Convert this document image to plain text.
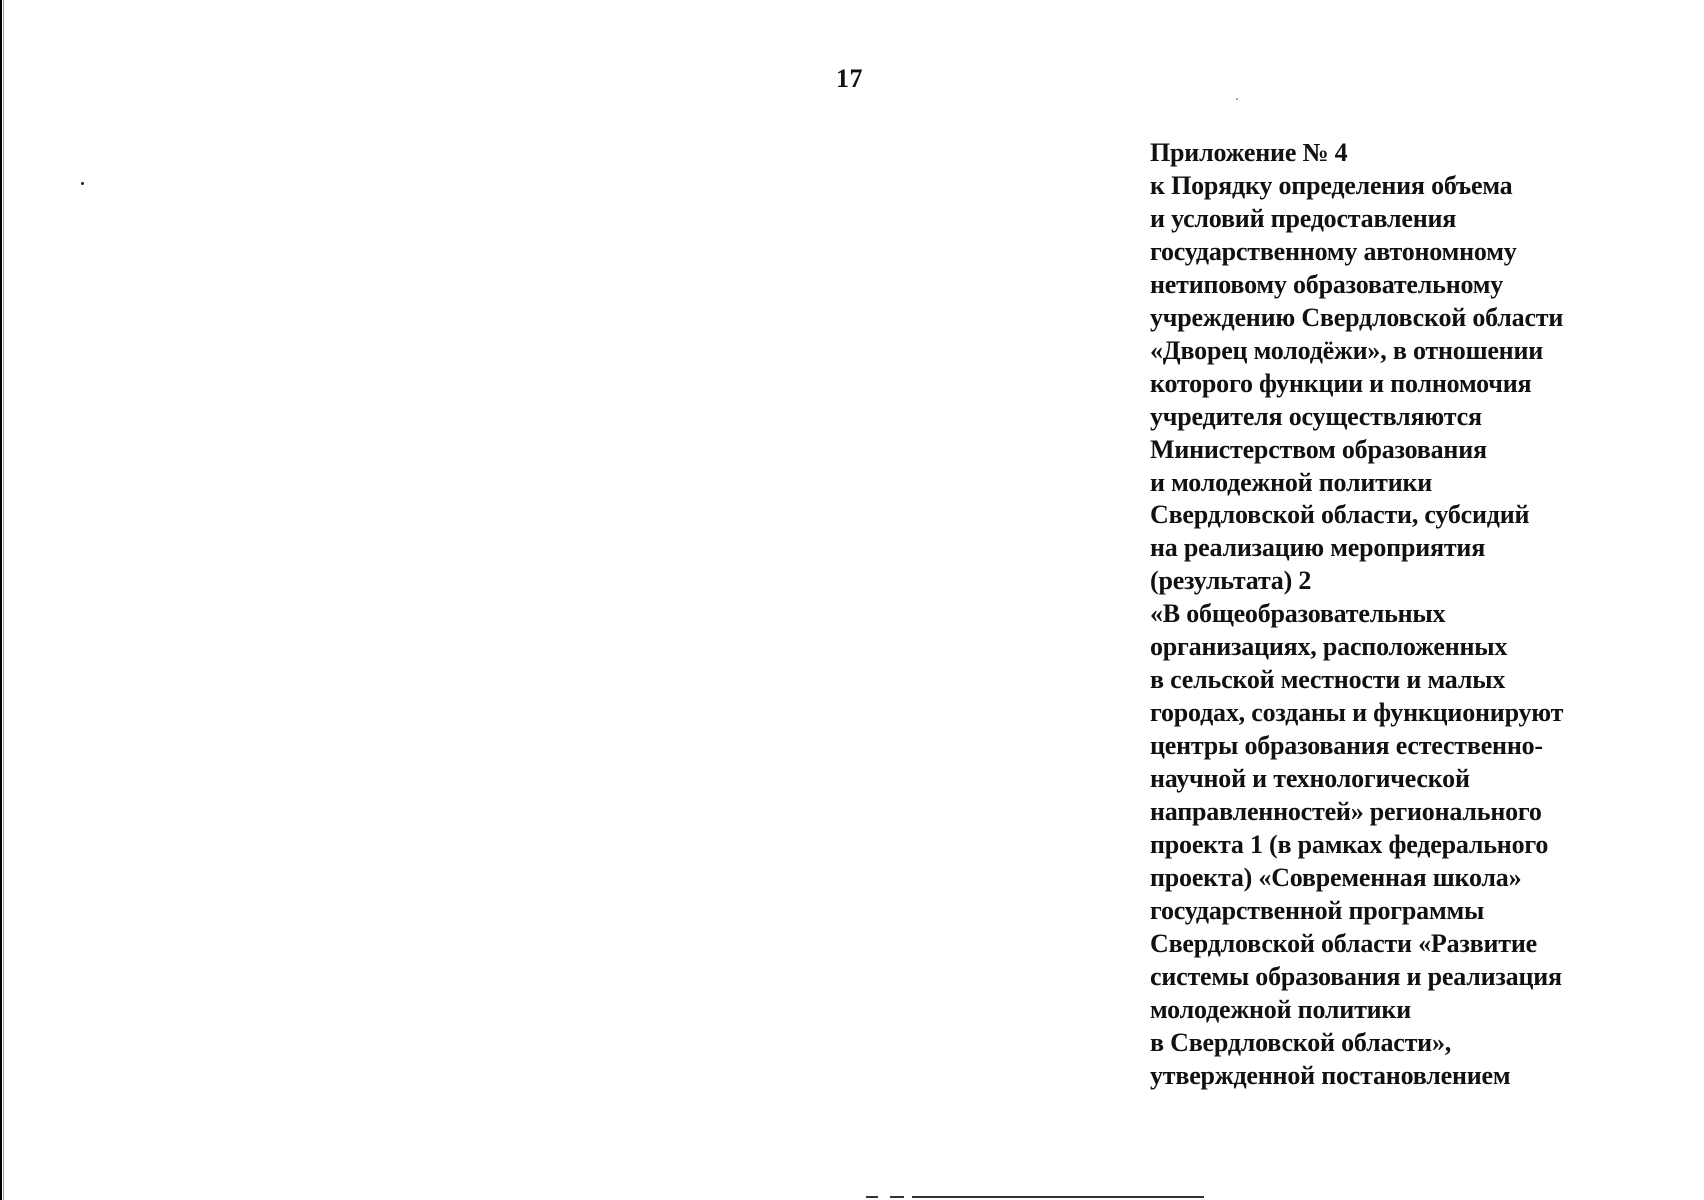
17
Приложение № 4
к Порядку определения объема
и условий предоставления
государственному автономному
нетиповому образовательному
учреждению Свердловской области
«Дворец молодёжи», в отношении
которого функции и полномочия
учредителя осуществляются
Министерством образования
и молодежной политики
Свердловской области, субсидий
на реализацию мероприятия
(результата) 2
«В общеобразовательных
организациях, расположенных
в сельской местности и малых
городах, созданы и функционируют
центры образования естественно-
научной и технологической
направленностей» регионального
проекта 1 (в рамках федерального
проекта) «Современная школа»
государственной программы
Свердловской области «Развитие
системы образования и реализация
молодежной политики
в Свердловской области»,
утвержденной постановлением
